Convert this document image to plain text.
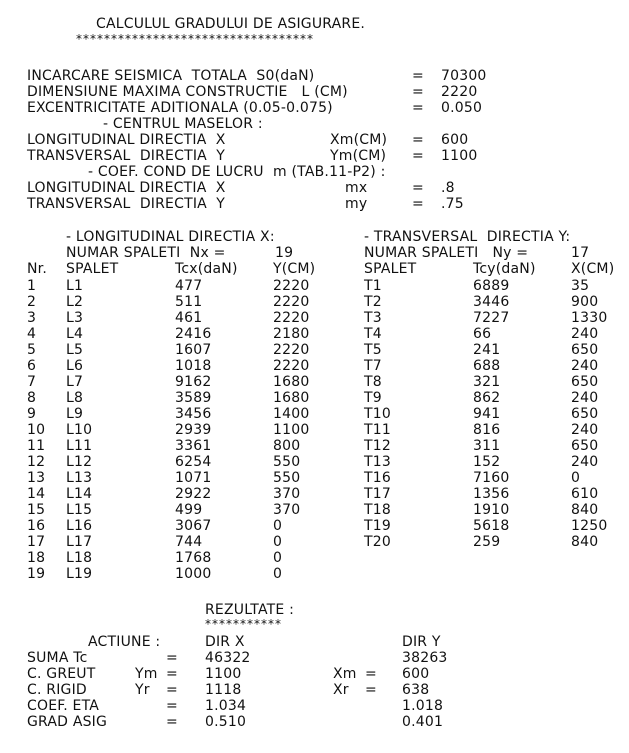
CALCULUL GRADULUI DE ASIGURARE.
**********************************
INCARCARE SEISMICA  TOTALA  S0(daN)	= 70300
DIMENSIUNE MAXIMA CONSTRUCTIE   L (CM)	= 2220
EXCENTRICITATE ADITIONALA (0.05-0.075)	= 0.050
- CENTRUL MASELOR :
LONGITUDINAL DIRECTIA  X	Xm(CM) = 600
TRANSVERSAL  DIRECTIA  Y	Ym(CM) = 1100
- COEF. COND DE LUCRU  m (TAB.11-P2) :
LONGITUDINAL DIRECTIA  X	mx	= .8
TRANSVERSAL  DIRECTIA  Y	my	= .75
- LONGITUDINAL DIRECTIA X:
NUMAR SPALETI  Nx =	19
Nr. SPALET	Tcx(daN)	Y(CM)
1 L1	477	2220
2 L2	511	2220
3 L3	461	2220
4 L4	2416	2180
5 L5	1607	2220
6 L6	1018	2220
7 L7	9162	1680
8 L8	3589	1680
9 L9	3456	1400
10 L10	2939	1100
11 L11	3361	800
12 L12	6254	550
13 L13	1071	550
14 L14	2922	370
15 L15	499	370
16 L16	3067	0
17 L17	744	0
18 L18	1768	0
19 L19	1000	0
- TRANSVERSAL  DIRECTIA Y:
NUMAR SPALETI   Ny =	17
SPALET	Tcy(daN)	X(CM)
T1	6889	35
T2	3446	900
T3	7227	1330
T4	66	240
T5	241	650
T7	688	240
T8	321	650
T9	862	240
T10	941	650
T11	816	240
T12	311	650
T13	152	240
T16	7160	0
T17	1356	610
T18	1910	840
T19	5618	1250
T20	259	840
REZULTATE :
***********
ACTIUNE :	DIR X	DIR Y
SUMA Tc	= 46322	38263
C. GREUT	Ym = 1100	Xm = 600
C. RIGID	Yr = 1118	Xr = 638
COEF. ETA	= 1.034	1.018
GRAD ASIG	= 0.510	0.401
